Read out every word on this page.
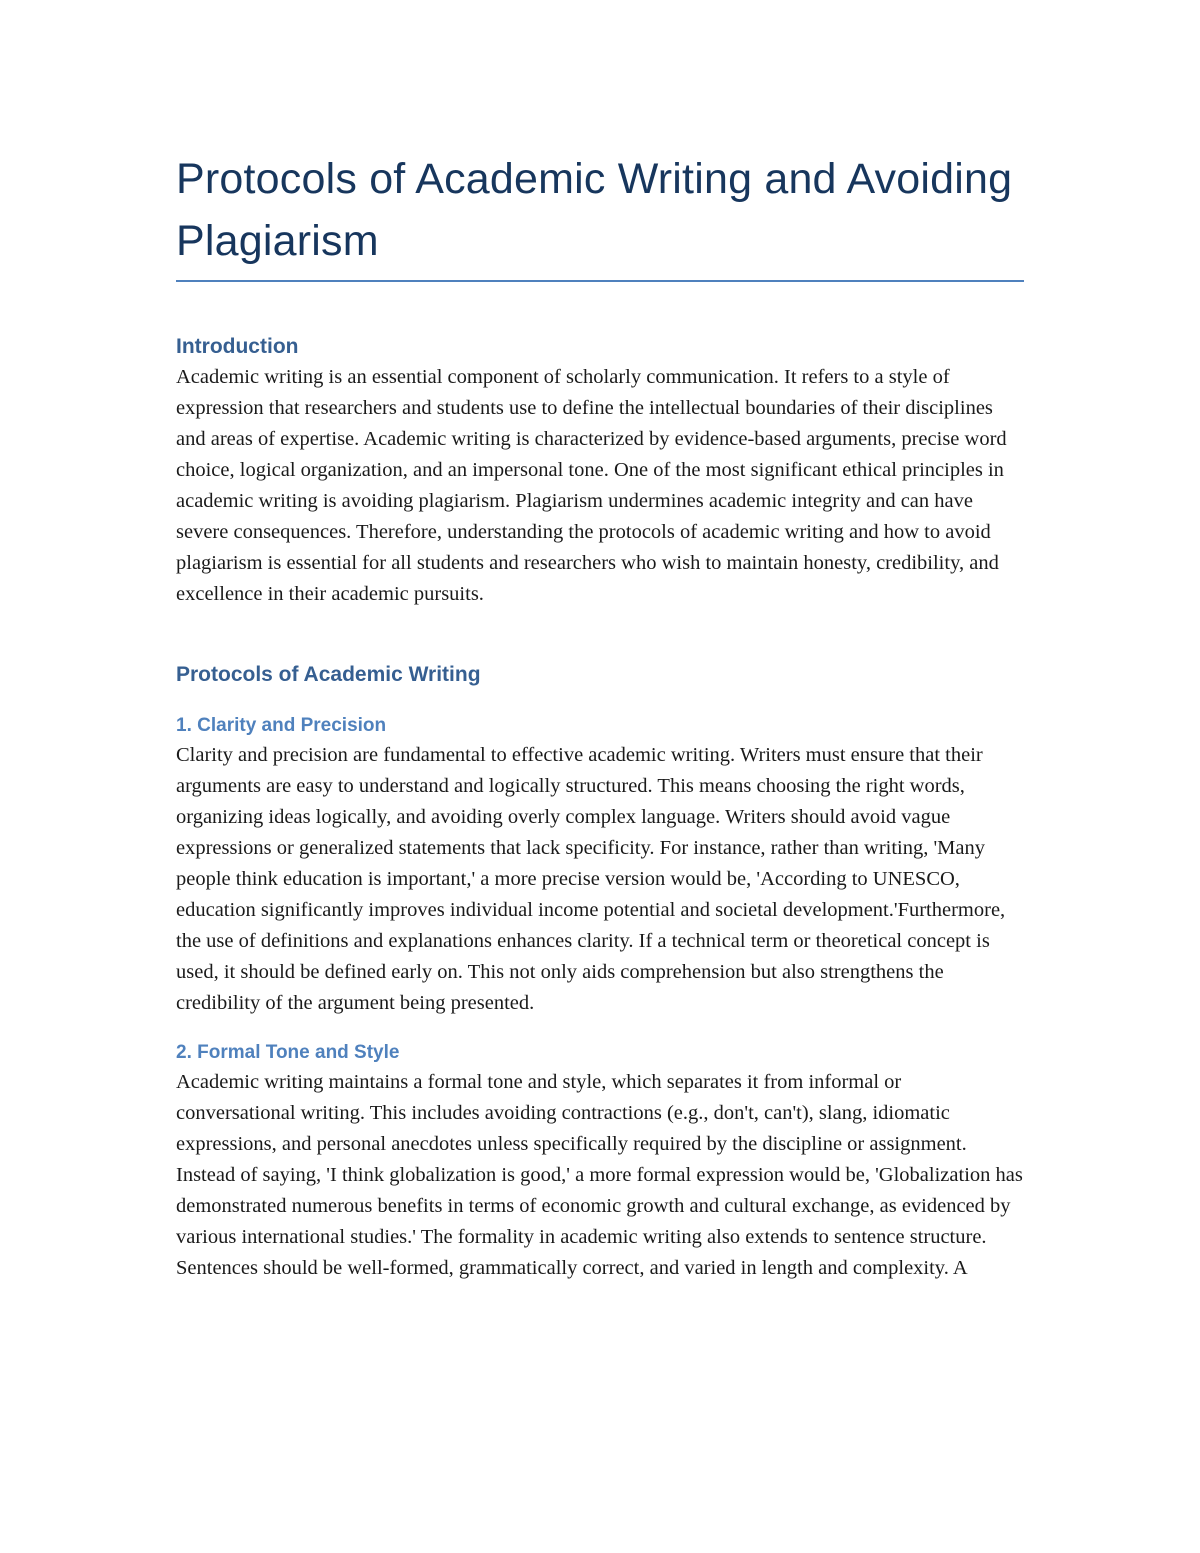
Protocols of Academic Writing and Avoiding Plagiarism
Introduction

Academic writing is an essential component of scholarly communication. It refers to a style of expression that researchers and students use to define the intellectual boundaries of their disciplines and areas of expertise. Academic writing is characterized by evidence-based arguments, precise word choice, logical organization, and an impersonal tone. One of the most significant ethical principles in academic writing is avoiding plagiarism. Plagiarism undermines academic integrity and can have severe consequences. Therefore, understanding the protocols of academic writing and how to avoid plagiarism is essential for all students and researchers who wish to maintain honesty, credibility, and excellence in their academic pursuits.

Protocols of Academic Writing
1. Clarity and Precision

Clarity and precision are fundamental to effective academic writing. Writers must ensure that their arguments are easy to understand and logically structured. This means choosing the right words, organizing ideas logically, and avoiding overly complex language. Writers should avoid vague expressions or generalized statements that lack specificity. For instance, rather than writing, 'Many people think education is important,' a more precise version would be, 'According to UNESCO, education significantly improves individual income potential and societal development.'Furthermore, the use of definitions and explanations enhances clarity. If a technical term or theoretical concept is used, it should be defined early on. This not only aids comprehension but also strengthens the credibility of the argument being presented.

2. Formal Tone and Style

Academic writing maintains a formal tone and style, which separates it from informal or conversational writing. This includes avoiding contractions (e.g., don't, can't), slang, idiomatic expressions, and personal anecdotes unless specifically required by the discipline or assignment. Instead of saying, 'I think globalization is good,' a more formal expression would be, 'Globalization has demonstrated numerous benefits in terms of economic growth and cultural exchange, as evidenced by various international studies.' The formality in academic writing also extends to sentence structure. Sentences should be well-formed, grammatically correct, and varied in length and complexity. A
